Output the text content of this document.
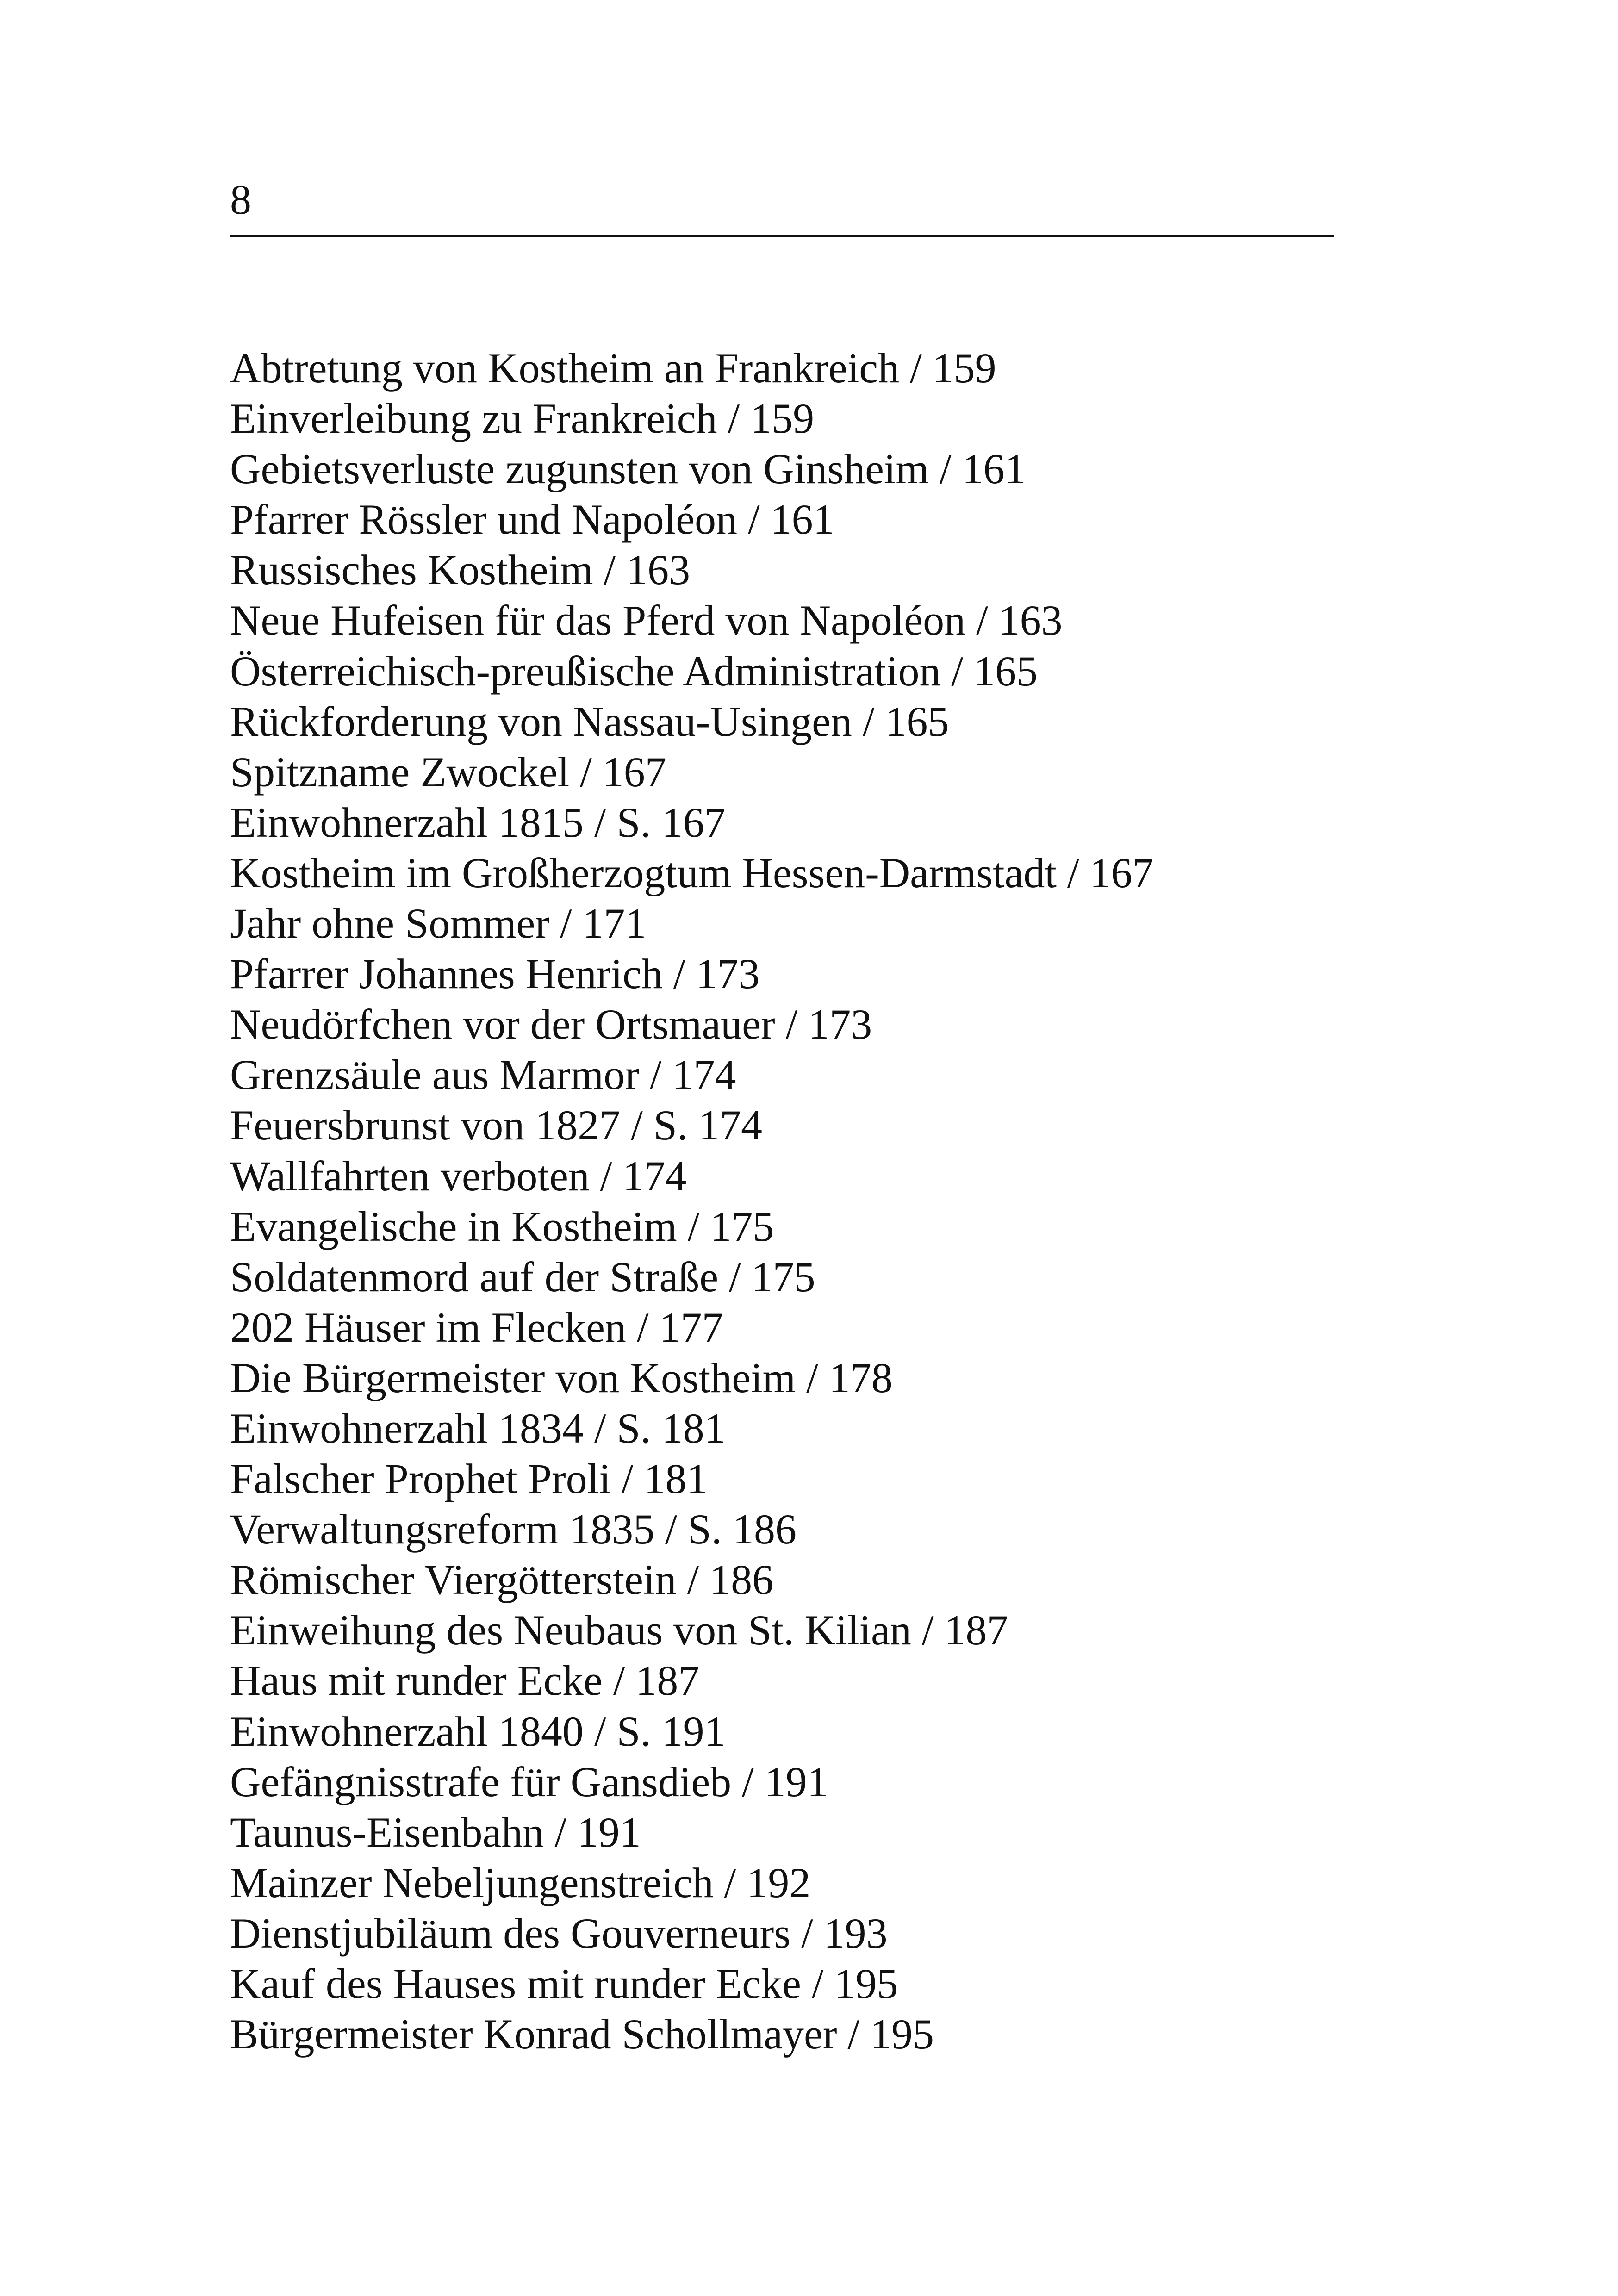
8
Abtretung von Kostheim an Frankreich / 159
Einverleibung zu Frankreich / 159
Gebietsverluste zugunsten von Ginsheim / 161
Pfarrer Rössler und Napoléon / 161
Russisches Kostheim / 163
Neue Hufeisen für das Pferd von Napoléon / 163
Österreichisch-preußische Administration / 165
Rückforderung von Nassau-Usingen / 165
Spitzname Zwockel / 167
Einwohnerzahl 1815 / S. 167
Kostheim im Großherzogtum Hessen-Darmstadt / 167
Jahr ohne Sommer / 171
Pfarrer Johannes Henrich / 173
Neudörfchen vor der Ortsmauer / 173
Grenzsäule aus Marmor / 174
Feuersbrunst von 1827 / S. 174
Wallfahrten verboten / 174
Evangelische in Kostheim / 175
Soldatenmord auf der Straße / 175
202 Häuser im Flecken / 177
Die Bürgermeister von Kostheim / 178
Einwohnerzahl 1834 / S. 181
Falscher Prophet Proli / 181
Verwaltungsreform 1835 / S. 186
Römischer Viergötterstein / 186
Einweihung des Neubaus von St. Kilian / 187
Haus mit runder Ecke / 187
Einwohnerzahl 1840 / S. 191
Gefängnisstrafe für Gansdieb / 191
Taunus-Eisenbahn / 191
Mainzer Nebeljungenstreich / 192
Dienstjubiläum des Gouverneurs / 193
Kauf des Hauses mit runder Ecke / 195
Bürgermeister Konrad Schollmayer / 195
